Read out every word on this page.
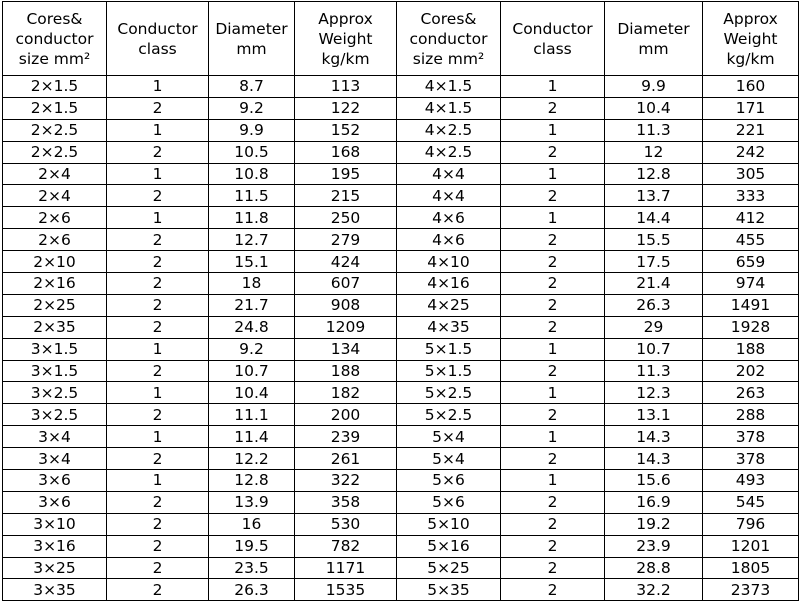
Cores&
conductor
size mm²	Conductor
class	Diameter
mm	Approx
Weight
kg/km	Cores&
conductor
size mm²	Conductor
class	Diameter
mm	Approx
Weight
kg/km

2×1.5	1	8.7	113	4×1.5	1	9.9	160
2×1.5	2	9.2	122	4×1.5	2	10.4	171
2×2.5	1	9.9	152	4×2.5	1	11.3	221
2×2.5	2	10.5	168	4×2.5	2	12	242
2×4	1	10.8	195	4×4	1	12.8	305
2×4	2	11.5	215	4×4	2	13.7	333
2×6	1	11.8	250	4×6	1	14.4	412
2×6	2	12.7	279	4×6	2	15.5	455
2×10	2	15.1	424	4×10	2	17.5	659
2×16	2	18	607	4×16	2	21.4	974
2×25	2	21.7	908	4×25	2	26.3	1491
2×35	2	24.8	1209	4×35	2	29	1928
3×1.5	1	9.2	134	5×1.5	1	10.7	188
3×1.5	2	10.7	188	5×1.5	2	11.3	202
3×2.5	1	10.4	182	5×2.5	1	12.3	263
3×2.5	2	11.1	200	5×2.5	2	13.1	288
3×4	1	11.4	239	5×4	1	14.3	378
3×4	2	12.2	261	5×4	2	14.3	378
3×6	1	12.8	322	5×6	1	15.6	493
3×6	2	13.9	358	5×6	2	16.9	545
3×10	2	16	530	5×10	2	19.2	796
3×16	2	19.5	782	5×16	2	23.9	1201
3×25	2	23.5	1171	5×25	2	28.8	1805
3×35	2	26.3	1535	5×35	2	32.2	2373
